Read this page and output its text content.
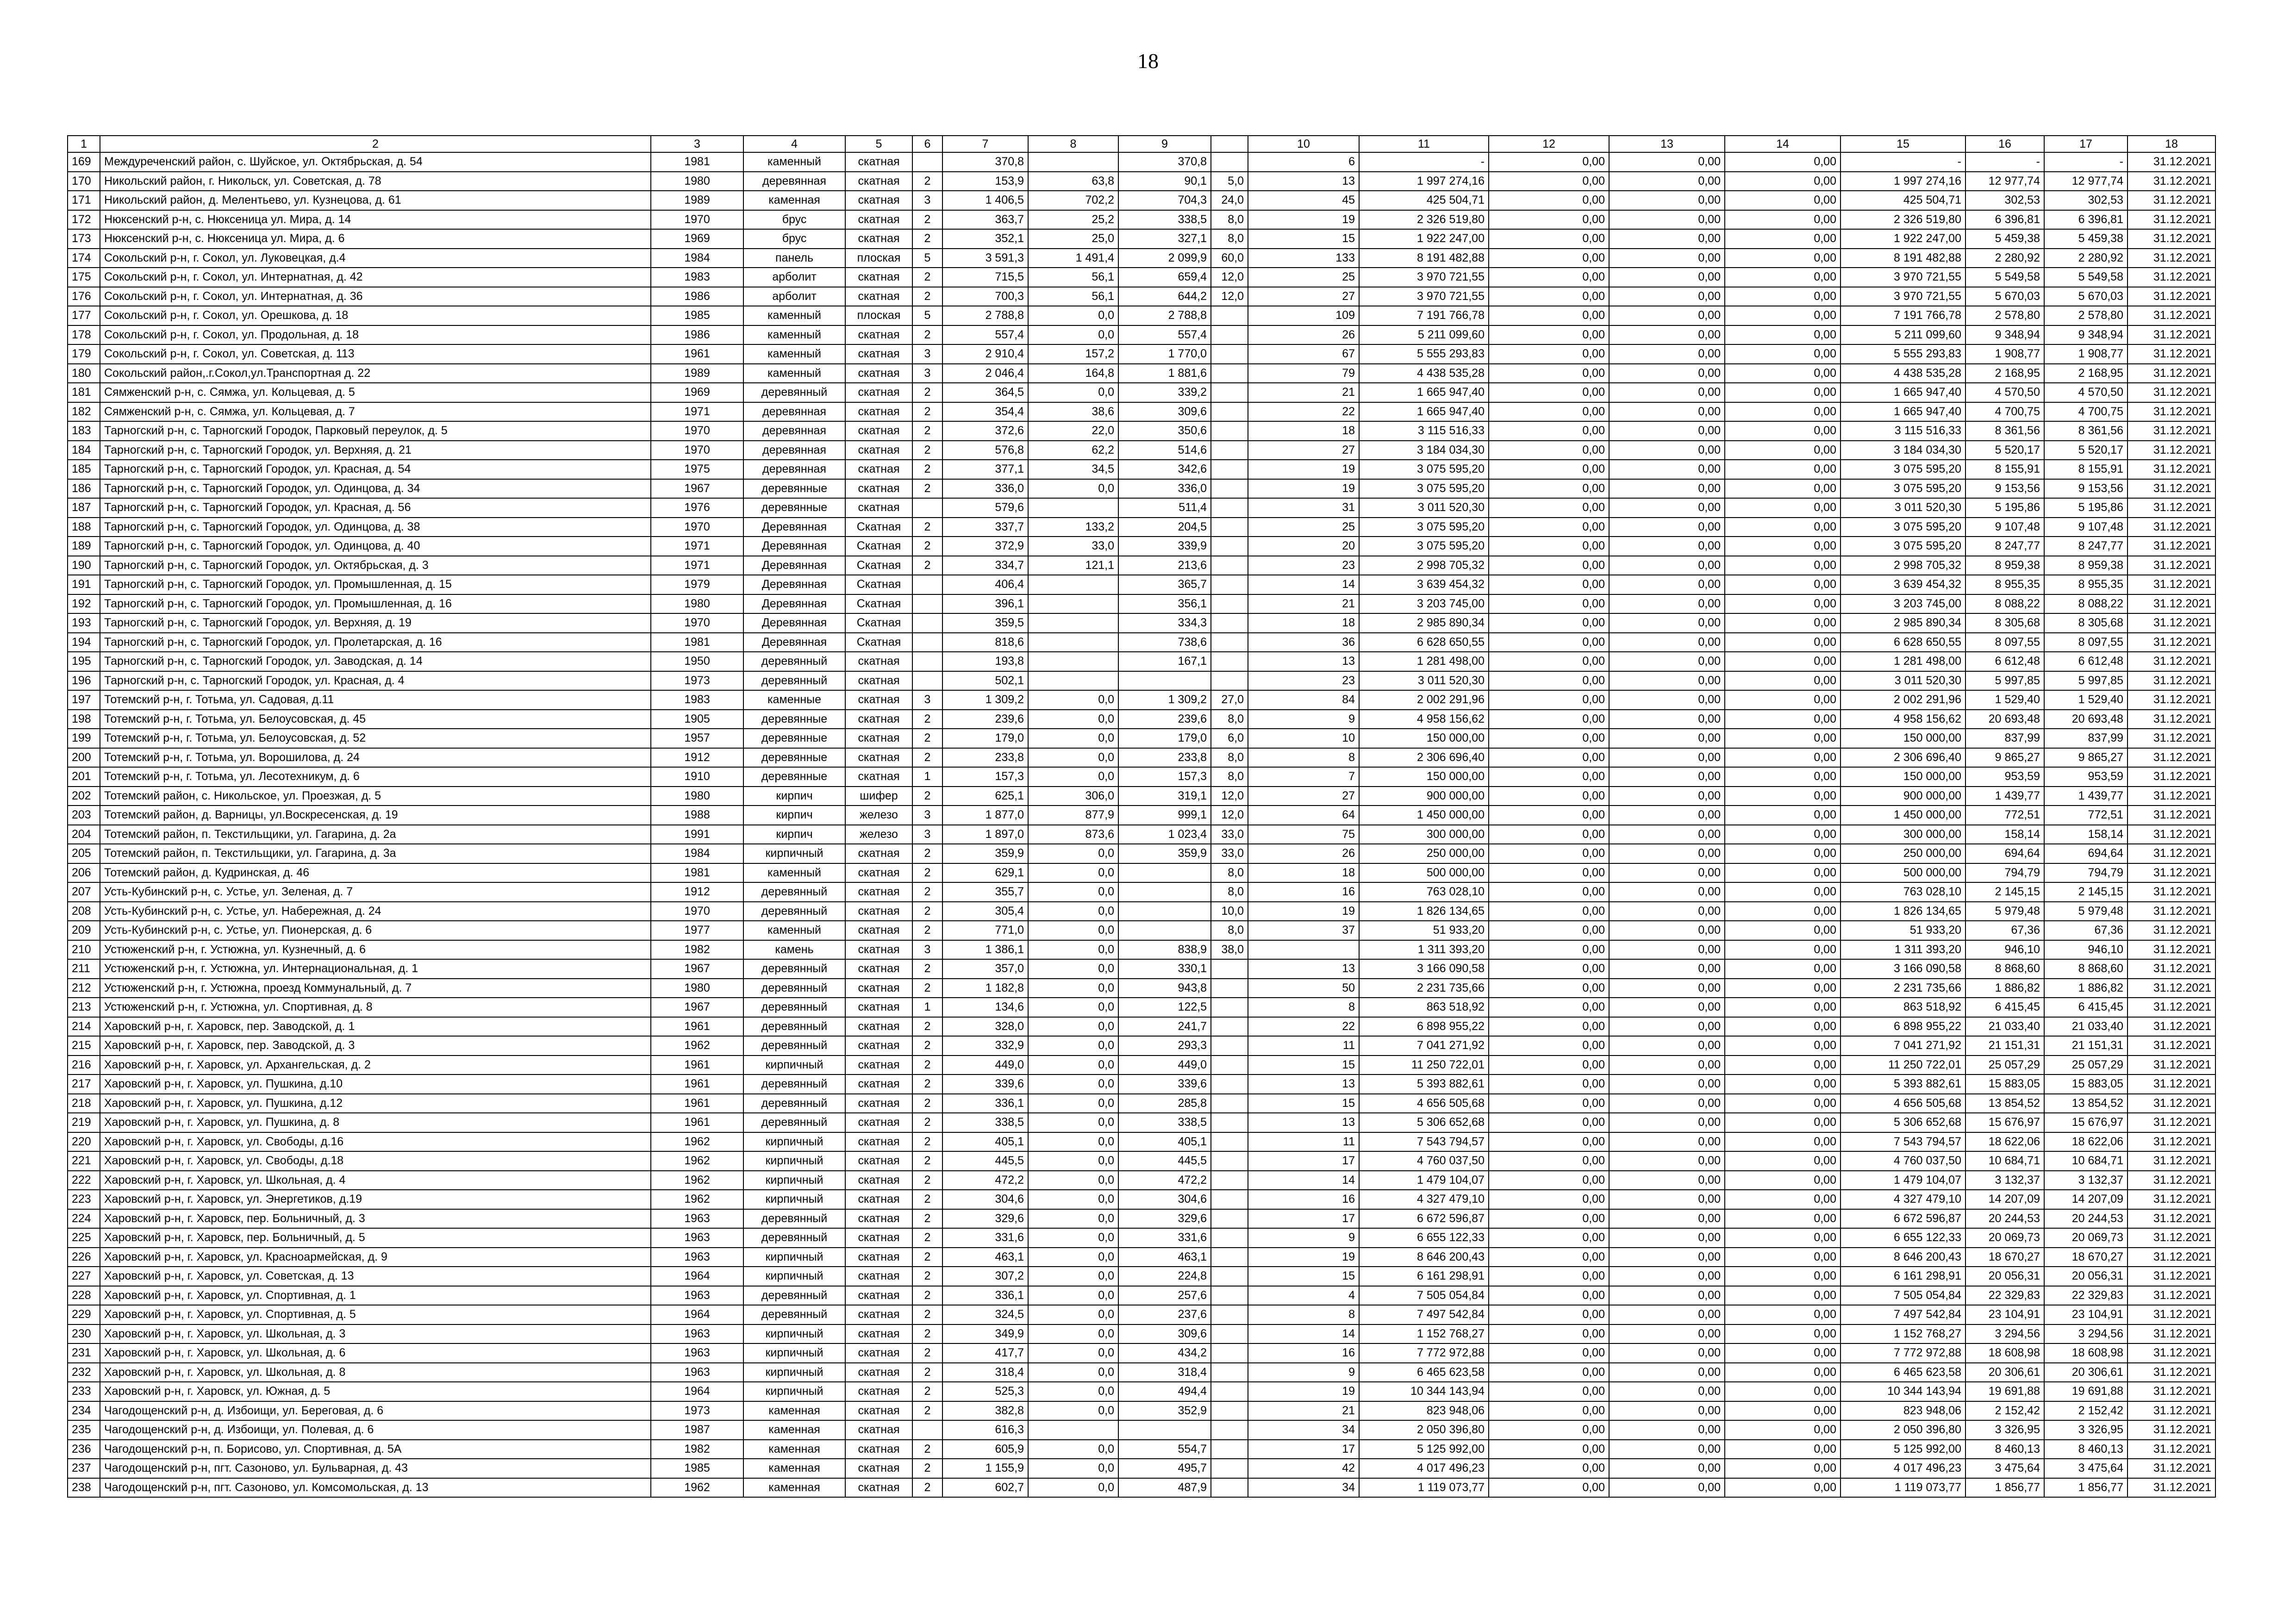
18
1	2	3	4	5	6	7	8	9		10	11	12	13	14	15	16	17	18
169	Междуреченский район, с. Шуйское, ул. Октябрьская, д. 54	1981	каменный	скатная		370,8		370,8		6	-	0,00	0,00	0,00	-	-	-	31.12.2021
170	Никольский район, г. Никольск, ул. Советская, д. 78	1980	деревянная	скатная	2	153,9	63,8	90,1	5,0	13	1 997 274,16	0,00	0,00	0,00	1 997 274,16	12 977,74	12 977,74	31.12.2021
171	Никольский район, д. Мелентьево, ул. Кузнецова, д. 61	1989	каменная	скатная	3	1 406,5	702,2	704,3	24,0	45	425 504,71	0,00	0,00	0,00	425 504,71	302,53	302,53	31.12.2021
172	Нюксенский р-н, с. Нюксеница ул. Мира, д. 14	1970	брус	скатная	2	363,7	25,2	338,5	8,0	19	2 326 519,80	0,00	0,00	0,00	2 326 519,80	6 396,81	6 396,81	31.12.2021
173	Нюксенский р-н, с. Нюксеница ул. Мира, д. 6	1969	брус	скатная	2	352,1	25,0	327,1	8,0	15	1 922 247,00	0,00	0,00	0,00	1 922 247,00	5 459,38	5 459,38	31.12.2021
174	Сокольский р-н, г. Сокол, ул. Луковецкая, д.4	1984	панель	плоская	5	3 591,3	1 491,4	2 099,9	60,0	133	8 191 482,88	0,00	0,00	0,00	8 191 482,88	2 280,92	2 280,92	31.12.2021
175	Сокольский р-н, г. Сокол, ул. Интернатная, д. 42	1983	арболит	скатная	2	715,5	56,1	659,4	12,0	25	3 970 721,55	0,00	0,00	0,00	3 970 721,55	5 549,58	5 549,58	31.12.2021
176	Сокольский р-н, г. Сокол, ул. Интернатная, д. 36	1986	арболит	скатная	2	700,3	56,1	644,2	12,0	27	3 970 721,55	0,00	0,00	0,00	3 970 721,55	5 670,03	5 670,03	31.12.2021
177	Сокольский р-н, г. Сокол, ул. Орешкова, д. 18	1985	каменный	плоская	5	2 788,8	0,0	2 788,8		109	7 191 766,78	0,00	0,00	0,00	7 191 766,78	2 578,80	2 578,80	31.12.2021
178	Сокольский р-н, г. Сокол, ул. Продольная, д. 18	1986	каменный	скатная	2	557,4	0,0	557,4		26	5 211 099,60	0,00	0,00	0,00	5 211 099,60	9 348,94	9 348,94	31.12.2021
179	Сокольский р-н, г. Сокол, ул. Советская, д. 113	1961	каменный	скатная	3	2 910,4	157,2	1 770,0		67	5 555 293,83	0,00	0,00	0,00	5 555 293,83	1 908,77	1 908,77	31.12.2021
180	Сокольский район,.г.Сокол,ул.Транспортная д. 22	1989	каменный	скатная	3	2 046,4	164,8	1 881,6		79	4 438 535,28	0,00	0,00	0,00	4 438 535,28	2 168,95	2 168,95	31.12.2021
181	Сямженский р-н, с. Сямжа, ул. Кольцевая, д. 5	1969	деревянный	скатная	2	364,5	0,0	339,2		21	1 665 947,40	0,00	0,00	0,00	1 665 947,40	4 570,50	4 570,50	31.12.2021
182	Сямженский р-н, с. Сямжа, ул. Кольцевая, д. 7	1971	деревянная	скатная	2	354,4	38,6	309,6		22	1 665 947,40	0,00	0,00	0,00	1 665 947,40	4 700,75	4 700,75	31.12.2021
183	Тарногский р-н, с. Тарногский Городок, Парковый переулок, д. 5	1970	деревянная	скатная	2	372,6	22,0	350,6		18	3 115 516,33	0,00	0,00	0,00	3 115 516,33	8 361,56	8 361,56	31.12.2021
184	Тарногский р-н, с. Тарногский Городок, ул. Верхняя, д. 21	1970	деревянная	скатная	2	576,8	62,2	514,6		27	3 184 034,30	0,00	0,00	0,00	3 184 034,30	5 520,17	5 520,17	31.12.2021
185	Тарногский р-н, с. Тарногский Городок, ул. Красная, д. 54	1975	деревянная	скатная	2	377,1	34,5	342,6		19	3 075 595,20	0,00	0,00	0,00	3 075 595,20	8 155,91	8 155,91	31.12.2021
186	Тарногский р-н, с. Тарногский Городок, ул. Одинцова, д. 34	1967	деревянные	скатная	2	336,0	0,0	336,0		19	3 075 595,20	0,00	0,00	0,00	3 075 595,20	9 153,56	9 153,56	31.12.2021
187	Тарногский р-н, с. Тарногский Городок, ул. Красная, д. 56	1976	деревянные	скатная		579,6		511,4		31	3 011 520,30	0,00	0,00	0,00	3 011 520,30	5 195,86	5 195,86	31.12.2021
188	Тарногский р-н, с. Тарногский Городок, ул. Одинцова, д. 38	1970	Деревянная	Скатная	2	337,7	133,2	204,5		25	3 075 595,20	0,00	0,00	0,00	3 075 595,20	9 107,48	9 107,48	31.12.2021
189	Тарногский р-н, с. Тарногский Городок, ул. Одинцова, д. 40	1971	Деревянная	Скатная	2	372,9	33,0	339,9		20	3 075 595,20	0,00	0,00	0,00	3 075 595,20	8 247,77	8 247,77	31.12.2021
190	Тарногский р-н, с. Тарногский Городок, ул. Октябрьская, д. 3	1971	Деревянная	Скатная	2	334,7	121,1	213,6		23	2 998 705,32	0,00	0,00	0,00	2 998 705,32	8 959,38	8 959,38	31.12.2021
191	Тарногский р-н, с. Тарногский Городок, ул. Промышленная, д. 15	1979	Деревянная	Скатная		406,4		365,7		14	3 639 454,32	0,00	0,00	0,00	3 639 454,32	8 955,35	8 955,35	31.12.2021
192	Тарногский р-н, с. Тарногский Городок, ул. Промышленная, д. 16	1980	Деревянная	Скатная		396,1		356,1		21	3 203 745,00	0,00	0,00	0,00	3 203 745,00	8 088,22	8 088,22	31.12.2021
193	Тарногский р-н, с. Тарногский Городок, ул. Верхняя, д. 19	1970	Деревянная	Скатная		359,5		334,3		18	2 985 890,34	0,00	0,00	0,00	2 985 890,34	8 305,68	8 305,68	31.12.2021
194	Тарногский р-н, с. Тарногский Городок, ул. Пролетарская, д. 16	1981	Деревянная	Скатная		818,6		738,6		36	6 628 650,55	0,00	0,00	0,00	6 628 650,55	8 097,55	8 097,55	31.12.2021
195	Тарногский р-н, с. Тарногский Городок, ул. Заводская, д. 14	1950	деревянный	скатная		193,8		167,1		13	1 281 498,00	0,00	0,00	0,00	1 281 498,00	6 612,48	6 612,48	31.12.2021
196	Тарногский р-н, с. Тарногский Городок, ул. Красная, д. 4	1973	деревянный	скатная		502,1				23	3 011 520,30	0,00	0,00	0,00	3 011 520,30	5 997,85	5 997,85	31.12.2021
197	Тотемский р-н, г. Тотьма, ул. Садовая, д.11	1983	каменные	скатная	3	1 309,2	0,0	1 309,2	27,0	84	2 002 291,96	0,00	0,00	0,00	2 002 291,96	1 529,40	1 529,40	31.12.2021
198	Тотемский р-н, г. Тотьма, ул. Белоусовская, д. 45	1905	деревянные	скатная	2	239,6	0,0	239,6	8,0	9	4 958 156,62	0,00	0,00	0,00	4 958 156,62	20 693,48	20 693,48	31.12.2021
199	Тотемский р-н, г. Тотьма, ул. Белоусовская, д. 52	1957	деревянные	скатная	2	179,0	0,0	179,0	6,0	10	150 000,00	0,00	0,00	0,00	150 000,00	837,99	837,99	31.12.2021
200	Тотемский р-н, г. Тотьма, ул. Ворошилова, д. 24	1912	деревянные	скатная	2	233,8	0,0	233,8	8,0	8	2 306 696,40	0,00	0,00	0,00	2 306 696,40	9 865,27	9 865,27	31.12.2021
201	Тотемский р-н, г. Тотьма, ул. Лесотехникум, д. 6	1910	деревянные	скатная	1	157,3	0,0	157,3	8,0	7	150 000,00	0,00	0,00	0,00	150 000,00	953,59	953,59	31.12.2021
202	Тотемский район, с. Никольское, ул. Проезжая, д. 5	1980	кирпич	шифер	2	625,1	306,0	319,1	12,0	27	900 000,00	0,00	0,00	0,00	900 000,00	1 439,77	1 439,77	31.12.2021
203	Тотемский район, д. Варницы, ул.Воскресенская, д. 19	1988	кирпич	железо	3	1 877,0	877,9	999,1	12,0	64	1 450 000,00	0,00	0,00	0,00	1 450 000,00	772,51	772,51	31.12.2021
204	Тотемский район, п. Текстильщики, ул. Гагарина, д. 2а	1991	кирпич	железо	3	1 897,0	873,6	1 023,4	33,0	75	300 000,00	0,00	0,00	0,00	300 000,00	158,14	158,14	31.12.2021
205	Тотемский район, п. Текстильщики, ул. Гагарина, д. 3а	1984	кирпичный	скатная	2	359,9	0,0	359,9	33,0	26	250 000,00	0,00	0,00	0,00	250 000,00	694,64	694,64	31.12.2021
206	Тотемский район, д. Кудринская, д. 46	1981	каменный	скатная	2	629,1	0,0		8,0	18	500 000,00	0,00	0,00	0,00	500 000,00	794,79	794,79	31.12.2021
207	Усть-Кубинский р-н, с. Устье, ул. Зеленая, д. 7	1912	деревянный	скатная	2	355,7	0,0		8,0	16	763 028,10	0,00	0,00	0,00	763 028,10	2 145,15	2 145,15	31.12.2021
208	Усть-Кубинский р-н, с. Устье, ул. Набережная, д. 24	1970	деревянный	скатная	2	305,4	0,0		10,0	19	1 826 134,65	0,00	0,00	0,00	1 826 134,65	5 979,48	5 979,48	31.12.2021
209	Усть-Кубинский р-н, с. Устье, ул. Пионерская, д. 6	1977	каменный	скатная	2	771,0	0,0		8,0	37	51 933,20	0,00	0,00	0,00	51 933,20	67,36	67,36	31.12.2021
210	Устюженский р-н, г. Устюжна, ул. Кузнечный, д. 6	1982	камень	скатная	3	1 386,1	0,0	838,9	38,0		1 311 393,20	0,00	0,00	0,00	1 311 393,20	946,10	946,10	31.12.2021
211	Устюженский р-н, г. Устюжна, ул. Интернациональная, д. 1	1967	деревянный	скатная	2	357,0	0,0	330,1		13	3 166 090,58	0,00	0,00	0,00	3 166 090,58	8 868,60	8 868,60	31.12.2021
212	Устюженский р-н, г. Устюжна, проезд Коммунальный, д. 7	1980	деревянный	скатная	2	1 182,8	0,0	943,8		50	2 231 735,66	0,00	0,00	0,00	2 231 735,66	1 886,82	1 886,82	31.12.2021
213	Устюженский р-н, г. Устюжна, ул. Спортивная, д. 8	1967	деревянный	скатная	1	134,6	0,0	122,5		8	863 518,92	0,00	0,00	0,00	863 518,92	6 415,45	6 415,45	31.12.2021
214	Харовский р-н, г. Харовск, пер. Заводской, д. 1	1961	деревянный	скатная	2	328,0	0,0	241,7		22	6 898 955,22	0,00	0,00	0,00	6 898 955,22	21 033,40	21 033,40	31.12.2021
215	Харовский р-н, г. Харовск, пер. Заводской, д. 3	1962	деревянный	скатная	2	332,9	0,0	293,3		11	7 041 271,92	0,00	0,00	0,00	7 041 271,92	21 151,31	21 151,31	31.12.2021
216	Харовский р-н, г. Харовск, ул. Архангельская, д. 2	1961	кирпичный	скатная	2	449,0	0,0	449,0		15	11 250 722,01	0,00	0,00	0,00	11 250 722,01	25 057,29	25 057,29	31.12.2021
217	Харовский р-н, г. Харовск, ул. Пушкина, д.10	1961	деревянный	скатная	2	339,6	0,0	339,6		13	5 393 882,61	0,00	0,00	0,00	5 393 882,61	15 883,05	15 883,05	31.12.2021
218	Харовский р-н, г. Харовск, ул. Пушкина, д.12	1961	деревянный	скатная	2	336,1	0,0	285,8		15	4 656 505,68	0,00	0,00	0,00	4 656 505,68	13 854,52	13 854,52	31.12.2021
219	Харовский р-н, г. Харовск, ул. Пушкина, д. 8	1961	деревянный	скатная	2	338,5	0,0	338,5		13	5 306 652,68	0,00	0,00	0,00	5 306 652,68	15 676,97	15 676,97	31.12.2021
220	Харовский р-н, г. Харовск, ул. Свободы, д.16	1962	кирпичный	скатная	2	405,1	0,0	405,1		11	7 543 794,57	0,00	0,00	0,00	7 543 794,57	18 622,06	18 622,06	31.12.2021
221	Харовский р-н, г. Харовск, ул. Свободы, д.18	1962	кирпичный	скатная	2	445,5	0,0	445,5		17	4 760 037,50	0,00	0,00	0,00	4 760 037,50	10 684,71	10 684,71	31.12.2021
222	Харовский р-н, г. Харовск, ул. Школьная, д. 4	1962	кирпичный	скатная	2	472,2	0,0	472,2		14	1 479 104,07	0,00	0,00	0,00	1 479 104,07	3 132,37	3 132,37	31.12.2021
223	Харовский р-н, г. Харовск, ул. Энергетиков, д.19	1962	кирпичный	скатная	2	304,6	0,0	304,6		16	4 327 479,10	0,00	0,00	0,00	4 327 479,10	14 207,09	14 207,09	31.12.2021
224	Харовский р-н, г. Харовск, пер. Больничный, д. 3	1963	деревянный	скатная	2	329,6	0,0	329,6		17	6 672 596,87	0,00	0,00	0,00	6 672 596,87	20 244,53	20 244,53	31.12.2021
225	Харовский р-н, г. Харовск, пер. Больничный, д. 5	1963	деревянный	скатная	2	331,6	0,0	331,6		9	6 655 122,33	0,00	0,00	0,00	6 655 122,33	20 069,73	20 069,73	31.12.2021
226	Харовский р-н, г. Харовск, ул. Красноармейская, д. 9	1963	кирпичный	скатная	2	463,1	0,0	463,1		19	8 646 200,43	0,00	0,00	0,00	8 646 200,43	18 670,27	18 670,27	31.12.2021
227	Харовский р-н, г. Харовск, ул. Советская, д. 13	1964	кирпичный	скатная	2	307,2	0,0	224,8		15	6 161 298,91	0,00	0,00	0,00	6 161 298,91	20 056,31	20 056,31	31.12.2021
228	Харовский р-н, г. Харовск, ул. Спортивная, д. 1	1963	деревянный	скатная	2	336,1	0,0	257,6		4	7 505 054,84	0,00	0,00	0,00	7 505 054,84	22 329,83	22 329,83	31.12.2021
229	Харовский р-н, г. Харовск, ул. Спортивная, д. 5	1964	деревянный	скатная	2	324,5	0,0	237,6		8	7 497 542,84	0,00	0,00	0,00	7 497 542,84	23 104,91	23 104,91	31.12.2021
230	Харовский р-н, г. Харовск, ул. Школьная, д. 3	1963	кирпичный	скатная	2	349,9	0,0	309,6		14	1 152 768,27	0,00	0,00	0,00	1 152 768,27	3 294,56	3 294,56	31.12.2021
231	Харовский р-н, г. Харовск, ул. Школьная, д. 6	1963	кирпичный	скатная	2	417,7	0,0	434,2		16	7 772 972,88	0,00	0,00	0,00	7 772 972,88	18 608,98	18 608,98	31.12.2021
232	Харовский р-н, г. Харовск, ул. Школьная, д. 8	1963	кирпичный	скатная	2	318,4	0,0	318,4		9	6 465 623,58	0,00	0,00	0,00	6 465 623,58	20 306,61	20 306,61	31.12.2021
233	Харовский р-н, г. Харовск, ул. Южная, д. 5	1964	кирпичный	скатная	2	525,3	0,0	494,4		19	10 344 143,94	0,00	0,00	0,00	10 344 143,94	19 691,88	19 691,88	31.12.2021
234	Чагодощенский р-н, д. Избоищи, ул. Береговая, д. 6	1973	каменная	скатная	2	382,8	0,0	352,9		21	823 948,06	0,00	0,00	0,00	823 948,06	2 152,42	2 152,42	31.12.2021
235	Чагодощенский р-н, д. Избоищи, ул. Полевая, д. 6	1987	каменная	скатная		616,3				34	2 050 396,80	0,00	0,00	0,00	2 050 396,80	3 326,95	3 326,95	31.12.2021
236	Чагодощенский р-н, п. Борисово, ул. Спортивная, д. 5А	1982	каменная	скатная	2	605,9	0,0	554,7		17	5 125 992,00	0,00	0,00	0,00	5 125 992,00	8 460,13	8 460,13	31.12.2021
237	Чагодощенский р-н, пгт. Сазоново, ул. Бульварная, д. 43	1985	каменная	скатная	2	1 155,9	0,0	495,7		42	4 017 496,23	0,00	0,00	0,00	4 017 496,23	3 475,64	3 475,64	31.12.2021
238	Чагодощенский р-н, пгт. Сазоново, ул. Комсомольская, д. 13	1962	каменная	скатная	2	602,7	0,0	487,9		34	1 119 073,77	0,00	0,00	0,00	1 119 073,77	1 856,77	1 856,77	31.12.2021
